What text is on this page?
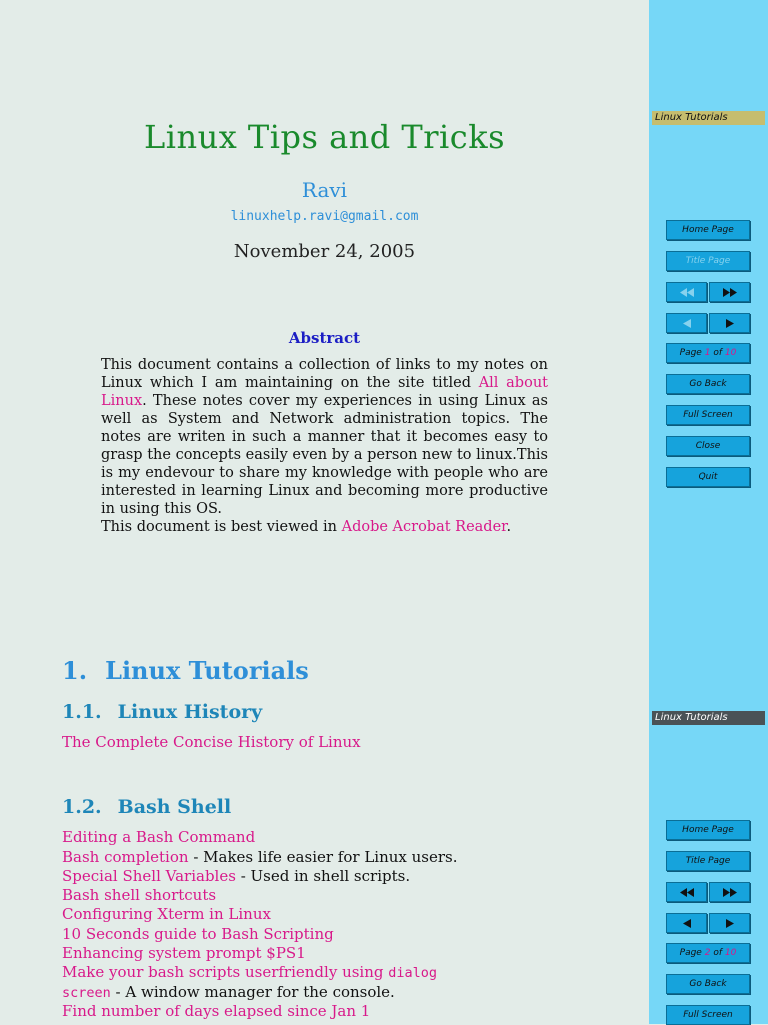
Linux Tips and Tricks
Ravi
linuxhelp.ravi@gmail.com
November 24, 2005
Abstract

This document contains a collection of links to my notes on Linux which I am maintaining on the site titled All about Linux. These notes cover my experiences in using Linux as well as System and Network administration topics. The notes are writen in such a manner that it becomes easy to grasp the concepts easily even by a person new to linux.This is my endevour to share my knowledge with people who are interested in learning Linux and becoming more productive in using this OS.

This document is best viewed in Adobe Acrobat Reader.

Linux Tutorials
Home Page
Title Page
Page 1 of 10
Go Back
Full Screen
Close
Quit
1. Linux Tutorials
1.1. Linux History
The Complete Concise History of Linux
1.2. Bash Shell
Editing a Bash Command
Bash completion - Makes life easier for Linux users.
Special Shell Variables - Used in shell scripts.
Bash shell shortcuts
Configuring Xterm in Linux
10 Seconds guide to Bash Scripting
Enhancing system prompt $PS1
Make your bash scripts userfriendly using dialog
screen - A window manager for the console.
Find number of days elapsed since Jan 1
Linux Tutorials
Home Page
Title Page
Page 2 of 10
Go Back
Full Screen
